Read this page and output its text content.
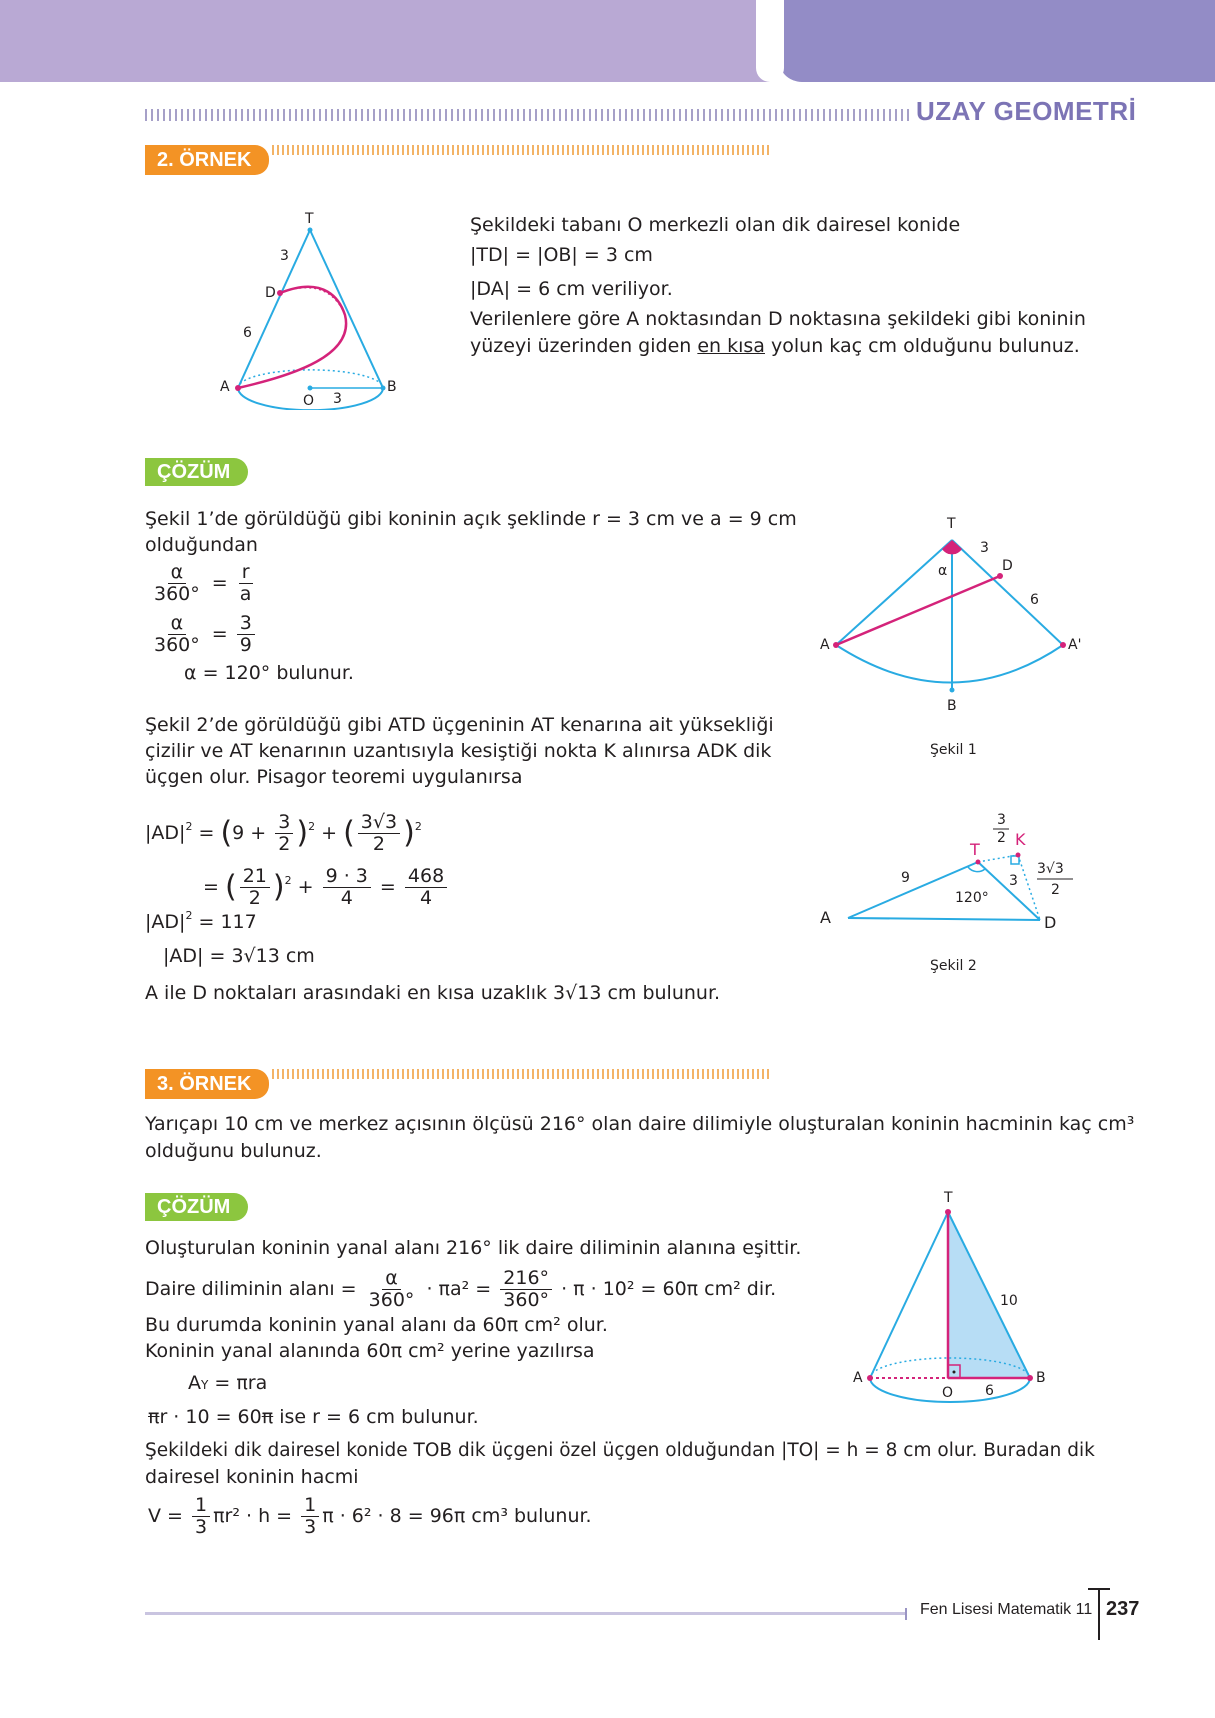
UZAY GEOMETRİ
2. ÖRNEK
T
3
D
6
A	B
O 3
Şekildeki tabanı O merkezli olan dik dairesel konide
|TD| = |OB| = 3 cm
|DA| = 6 cm veriliyor.
Verilenlere göre A noktasından D noktasına şekildeki gibi koninin
yüzeyi üzerinden giden en kısa yolun kaç cm olduğunu bulunuz.
ÇÖZÜM
Şekil 1’de görüldüğü gibi koninin açık şeklinde r = 3 cm ve a = 9 cm
olduğundan
$\frac{\alpha}{360^\circ} = \frac{r}{a}$
$\frac{\alpha}{360^\circ} = \frac{3}{9}$
α = 120° bulunur.
Şekil 2’de görüldüğü gibi ATD üçgeninin AT kenarına ait yüksekliği
çizilir ve AT kenarının uzantısıyla kesiştiği nokta K alınırsa ADK dik
üçgen olur. Pisagor teoremi uygulanırsa
$|AD|^2 = (9 + \frac{3}{2} )^2$ + ( $\frac{3√3}{2} )^2$
= ( $\frac{21}{2} )^2 + \frac{9 \cdot 3}{4} = \frac{468}{4}$
$|AD|^2 = 117$
|AD| = 3√13 cm
A ile D noktaları arasındaki en kısa uzaklık 3√13 cm bulunur.
T
α
3
D
6
A	A'
B
Şekil 1
3
2 K
T
9	3
3√3
2
120°
A	D
Şekil 2
3. ÖRNEK
Yarıçapı 10 cm ve merkez açısının ölçüsü 216° olan daire dilimiyle oluşturalan koninin hacminin kaç cm³
olduğunu bulunuz.
ÇÖZÜM
Oluşturulan koninin yanal alanı 216° lik daire diliminin alanına eşittir.
Daire diliminin alanı = $\frac{\alpha}{360^\circ} \cdot \pi a^2 = \frac{216^\circ}{360^\circ} \cdot \pi \cdot 10^2 = 60\pi$ cm² dir.
Bu durumda koninin yanal alanı da 60π cm² olur.
Koninin yanal alanında 60π cm² yerine yazılırsa
AY = πra
πr · 10 = 60π ise r = 6 cm bulunur.
Şekildeki dik dairesel konide TOB dik üçgeni özel üçgen olduğundan |TO| = h = 8 cm olur. Buradan dik
dairesel koninin hacmi
$V = \frac{1}{3} \pi r^2 \cdot h = \frac{1}{3}$ π · 6² · 8 = 96π cm³ bulunur.
T
10
A
O 6
B
Fen Lisesi Matematik 11 237
